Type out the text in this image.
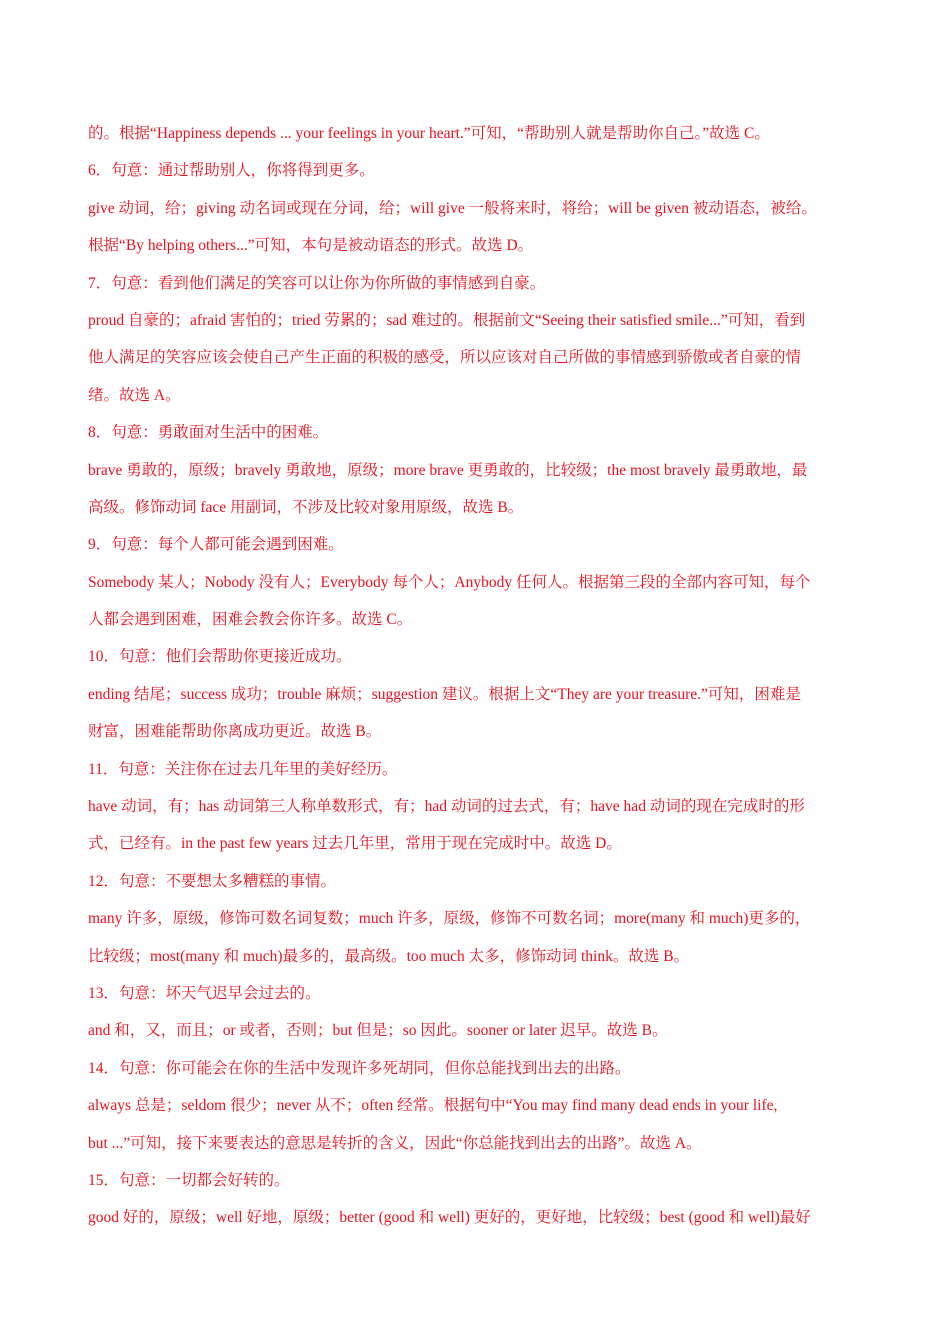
的。根据“Happiness depends ... your feelings in your heart.”可知，“帮助别人就是帮助你自己。”故选 C。
6．句意：通过帮助别人，你将得到更多。
give 动词，给；giving 动名词或现在分词，给；will give 一般将来时，将给；will be given 被动语态，被给。
根据“By helping others...”可知，本句是被动语态的形式。故选 D。
7．句意：看到他们满足的笑容可以让你为你所做的事情感到自豪。
proud 自豪的；afraid 害怕的；tried 劳累的；sad 难过的。根据前文“Seeing their satisfied smile...”可知，看到
他人满足的笑容应该会使自己产生正面的积极的感受，所以应该对自己所做的事情感到骄傲或者自豪的情
绪。故选 A。
8．句意：勇敢面对生活中的困难。
brave 勇敢的，原级；bravely 勇敢地，原级；more brave 更勇敢的，比较级；the most bravely 最勇敢地，最
高级。修饰动词 face 用副词，不涉及比较对象用原级，故选 B。
9．句意：每个人都可能会遇到困难。
Somebody 某人；Nobody 没有人；Everybody 每个人；Anybody 任何人。根据第三段的全部内容可知，每个
人都会遇到困难，困难会教会你许多。故选 C。
10．句意：他们会帮助你更接近成功。
ending 结尾；success 成功；trouble 麻烦；suggestion 建议。根据上文“They are your treasure.”可知，困难是
财富，困难能帮助你离成功更近。故选 B。
11．句意：关注你在过去几年里的美好经历。
have 动词，有；has 动词第三人称单数形式，有；had 动词的过去式，有；have had 动词的现在完成时的形
式，已经有。in the past few years 过去几年里，常用于现在完成时中。故选 D。
12．句意：不要想太多糟糕的事情。
many 许多，原级，修饰可数名词复数；much 许多，原级，修饰不可数名词；more(many 和 much)更多的，
比较级；most(many 和 much)最多的，最高级。too much 太多，修饰动词 think。故选 B。
13．句意：坏天气迟早会过去的。
and 和，又，而且；or 或者，否则；but 但是；so 因此。sooner or later 迟早。故选 B。
14．句意：你可能会在你的生活中发现许多死胡同，但你总能找到出去的出路。
always 总是；seldom 很少；never 从不；often 经常。根据句中“You may find many dead ends in your life,
but ...”可知，接下来要表达的意思是转折的含义，因此“你总能找到出去的出路”。故选 A。
15．句意：一切都会好转的。
good 好的，原级；well 好地，原级；better (good 和 well) 更好的，更好地，比较级；best (good 和 well)最好
